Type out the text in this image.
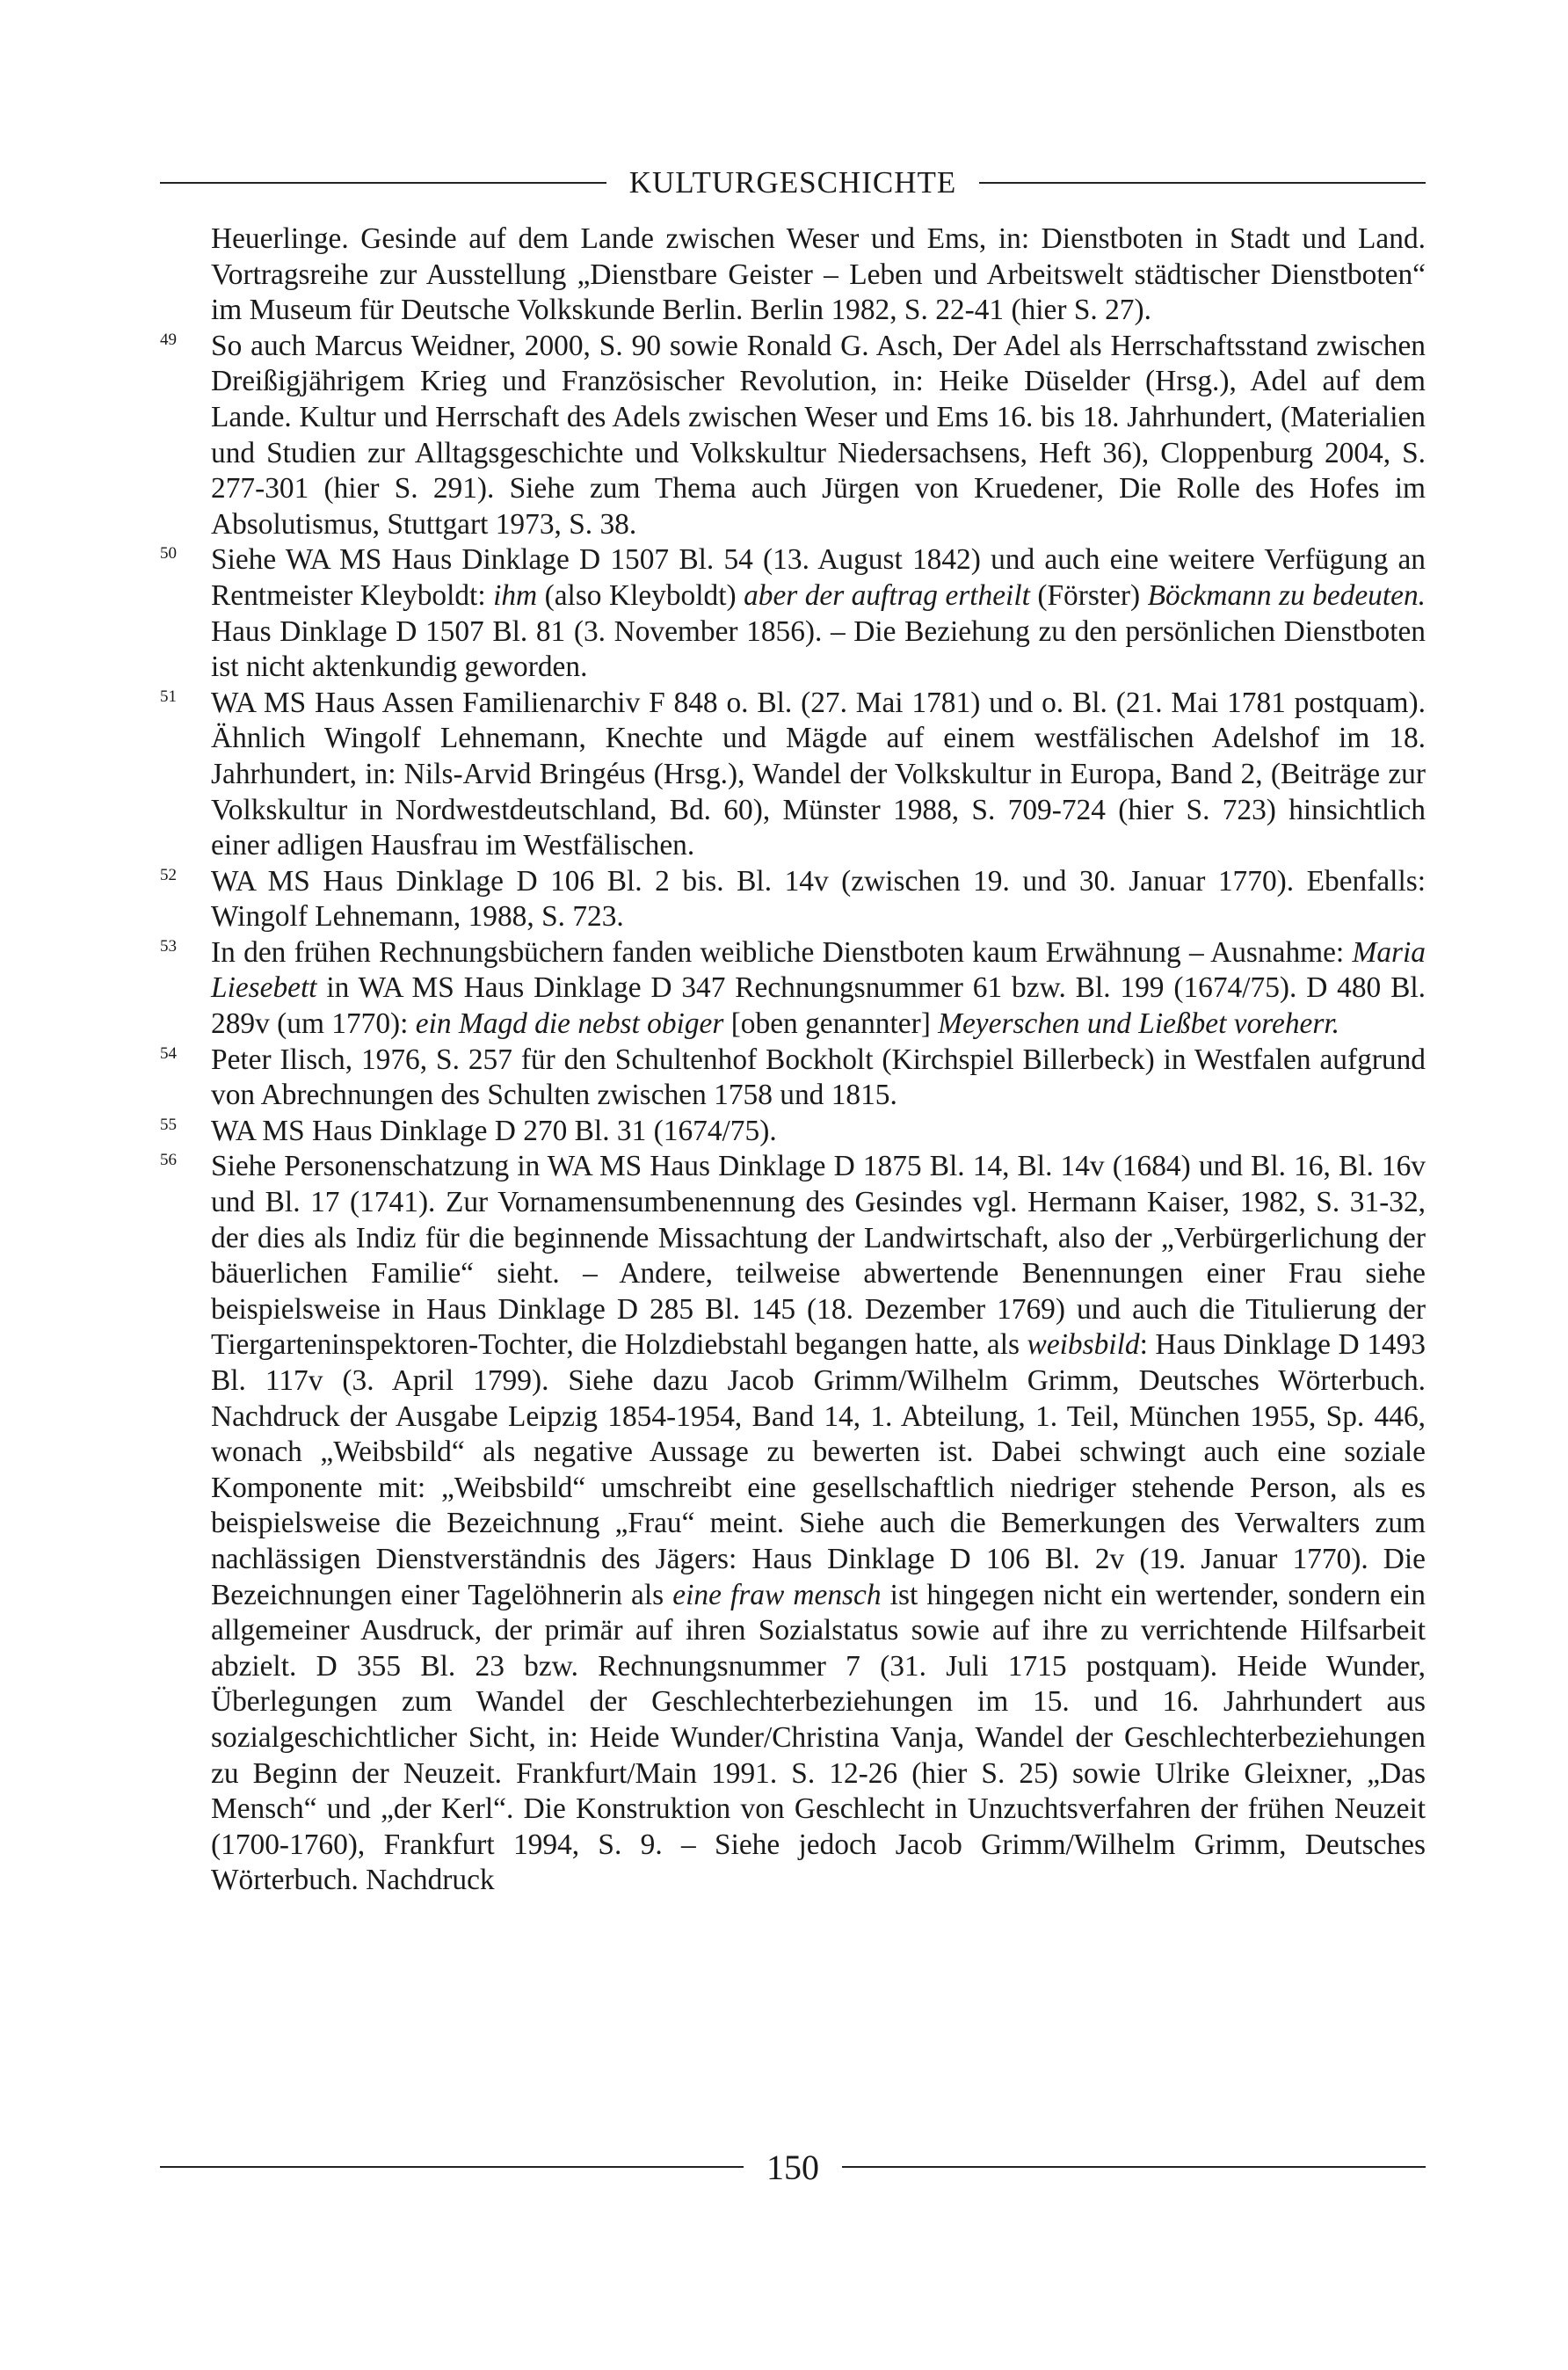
KULTURGESCHICHTE

Heuerlinge. Gesinde auf dem Lande zwischen Weser und Ems, in: Dienstboten in Stadt und Land. Vortragsreihe zur Ausstellung „Dienstbare Geister – Leben und Arbeitswelt städtischer Dienstboten“ im Museum für Deutsche Volkskunde Berlin. Berlin 1982, S. 22-41 (hier S. 27).

49 So auch Marcus Weidner, 2000, S. 90 sowie Ronald G. Asch, Der Adel als Herrschaftsstand zwischen Dreißigjährigem Krieg und Französischer Revolution, in: Heike Düselder (Hrsg.), Adel auf dem Lande. Kultur und Herrschaft des Adels zwischen Weser und Ems 16. bis 18. Jahrhundert, (Materialien und Studien zur Alltagsgeschichte und Volkskultur Niedersachsens, Heft 36), Cloppenburg 2004, S. 277-301 (hier S. 291). Siehe zum Thema auch Jürgen von Kruedener, Die Rolle des Hofes im Absolutismus, Stuttgart 1973, S. 38.

50 Siehe WA MS Haus Dinklage D 1507 Bl. 54 (13. August 1842) und auch eine weitere Verfügung an Rentmeister Kleyboldt: ihm (also Kleyboldt) aber der auftrag ertheilt (Förster) Böckmann zu bedeuten. Haus Dinklage D 1507 Bl. 81 (3. November 1856). – Die Beziehung zu den persönlichen Dienstboten ist nicht aktenkundig geworden.

51 WA MS Haus Assen Familienarchiv F 848 o. Bl. (27. Mai 1781) und o. Bl. (21. Mai 1781 postquam). Ähnlich Wingolf Lehnemann, Knechte und Mägde auf einem westfälischen Adelshof im 18. Jahrhundert, in: Nils-Arvid Bringéus (Hrsg.), Wandel der Volkskultur in Europa, Band 2, (Beiträge zur Volkskultur in Nordwestdeutschland, Bd. 60), Münster 1988, S. 709-724 (hier S. 723) hinsichtlich einer adligen Hausfrau im Westfälischen.

52 WA MS Haus Dinklage D 106 Bl. 2 bis. Bl. 14v (zwischen 19. und 30. Januar 1770). Ebenfalls: Wingolf Lehnemann, 1988, S. 723.

53 In den frühen Rechnungsbüchern fanden weibliche Dienstboten kaum Erwähnung – Ausnahme: Maria Liesebett in WA MS Haus Dinklage D 347 Rechnungsnummer 61 bzw. Bl. 199 (1674/75). D 480 Bl. 289v (um 1770): ein Magd die nebst obiger [oben genannter] Meyerschen und Ließbet voreherr.

54 Peter Ilisch, 1976, S. 257 für den Schultenhof Bockholt (Kirchspiel Billerbeck) in Westfalen aufgrund von Abrechnungen des Schulten zwischen 1758 und 1815.

55 WA MS Haus Dinklage D 270 Bl. 31 (1674/75).

56 Siehe Personenschatzung in WA MS Haus Dinklage D 1875 Bl. 14, Bl. 14v (1684) und Bl. 16, Bl. 16v und Bl. 17 (1741). Zur Vornamensumbenennung des Gesindes vgl. Hermann Kaiser, 1982, S. 31-32, der dies als Indiz für die beginnende Missachtung der Landwirtschaft, also der „Verbürgerlichung der bäuerlichen Familie“ sieht. – Andere, teilweise abwertende Benennungen einer Frau siehe beispielsweise in Haus Dinklage D 285 Bl. 145 (18. Dezember 1769) und auch die Titulierung der Tiergarteninspektoren-Tochter, die Holzdiebstahl begangen hatte, als weibsbild: Haus Dinklage D 1493 Bl. 117v (3. April 1799). Siehe dazu Jacob Grimm/Wilhelm Grimm, Deutsches Wörterbuch. Nachdruck der Ausgabe Leipzig 1854-1954, Band 14, 1. Abteilung, 1. Teil, München 1955, Sp. 446, wonach „Weibsbild“ als negative Aussage zu bewerten ist. Dabei schwingt auch eine soziale Komponente mit: „Weibsbild“ umschreibt eine gesellschaftlich niedriger stehende Person, als es beispielsweise die Bezeichnung „Frau“ meint. Siehe auch die Bemerkungen des Verwalters zum nachlässigen Dienstverständnis des Jägers: Haus Dinklage D 106 Bl. 2v (19. Januar 1770). Die Bezeichnungen einer Tagelöhnerin als eine fraw mensch ist hingegen nicht ein wertender, sondern ein allgemeiner Ausdruck, der primär auf ihren Sozialstatus sowie auf ihre zu verrichtende Hilfsarbeit abzielt. D 355 Bl. 23 bzw. Rechnungsnummer 7 (31. Juli 1715 postquam). Heide Wunder, Überlegungen zum Wandel der Geschlechterbeziehungen im 15. und 16. Jahrhundert aus sozialgeschichtlicher Sicht, in: Heide Wunder/Christina Vanja, Wandel der Geschlechterbeziehungen zu Beginn der Neuzeit. Frankfurt/Main 1991. S. 12-26 (hier S. 25) sowie Ulrike Gleixner, „Das Mensch“ und „der Kerl“. Die Konstruktion von Geschlecht in Unzuchtsverfahren der frühen Neuzeit (1700-1760), Frankfurt 1994, S. 9. – Siehe jedoch Jacob Grimm/Wilhelm Grimm, Deutsches Wörterbuch. Nachdruck

150
